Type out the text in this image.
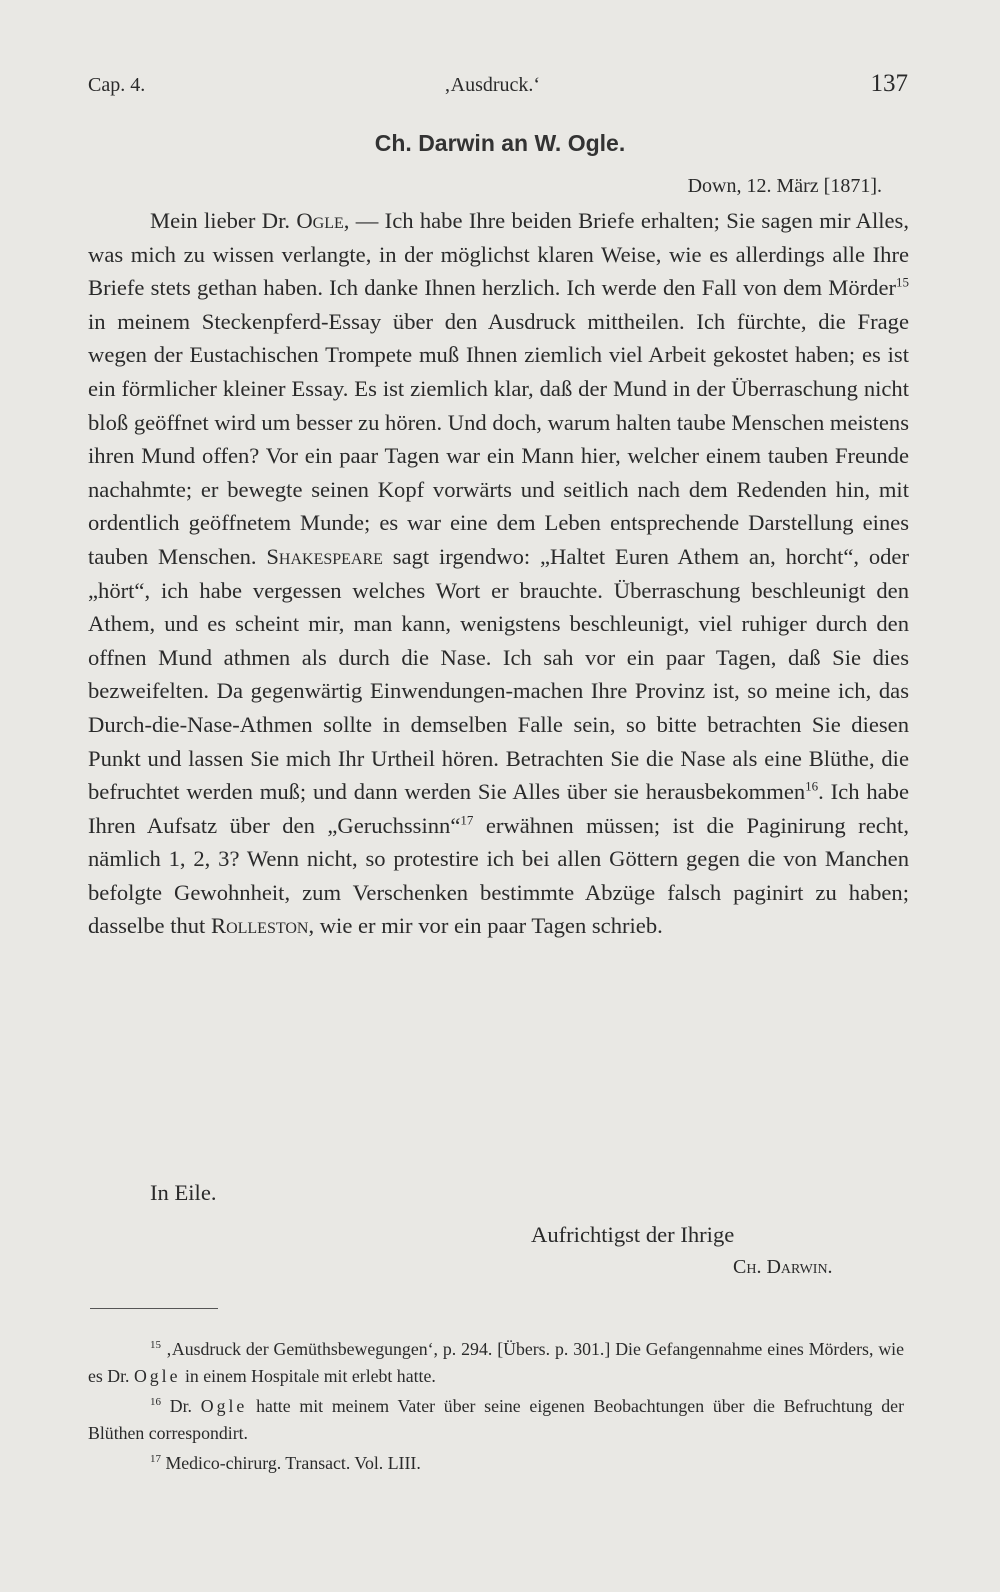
Cap. 4.	‚Ausdruck.‘	137
Ch. Darwin an W. Ogle.
Down, 12. März [1871].

Mein lieber Dr. Ogle, — Ich habe Ihre beiden Briefe erhalten; Sie sagen mir Alles, was mich zu wissen verlangte, in der möglichst klaren Weise, wie es allerdings alle Ihre Briefe stets gethan haben. Ich danke Ihnen herzlich. Ich werde den Fall von dem Mörder$^{15}$ in meinem Steckenpferd-Essay über den Ausdruck mittheilen. Ich fürchte, die Frage wegen der Eustachischen Trompete muß Ihnen ziemlich viel Arbeit gekostet haben; es ist ein förmlicher kleiner Essay. Es ist ziemlich klar, daß der Mund in der Überraschung nicht bloß geöffnet wird um besser zu hören. Und doch, warum halten taube Menschen meistens ihren Mund offen? Vor ein paar Tagen war ein Mann hier, welcher einem tauben Freunde nachahmte; er bewegte seinen Kopf vorwärts und seitlich nach dem Redenden hin, mit ordentlich geöffnetem Munde; es war eine dem Leben entsprechende Darstellung eines tauben Menschen. Shakespeare sagt irgendwo: „Haltet Euren Athem an, horcht“, oder „hört“, ich habe vergessen welches Wort er brauchte. Überraschung beschleunigt den Athem, und es scheint mir, man kann, wenigstens beschleunigt, viel ruhiger durch den offnen Mund athmen als durch die Nase. Ich sah vor ein paar Tagen, daß Sie dies bezweifelten. Da gegenwärtig Einwendungen-machen Ihre Provinz ist, so meine ich, das Durch-die-Nase-Athmen sollte in demselben Falle sein, so bitte betrachten Sie diesen Punkt und lassen Sie mich Ihr Urtheil hören. Betrachten Sie die Nase als eine Blüthe, die befruchtet werden muß; und dann werden Sie Alles über sie herausbekommen$^{16}$. Ich habe Ihren Aufsatz über den „Geruchssinn“$^{17}$ erwähnen müssen; ist die Paginirung recht, nämlich 1, 2, 3? Wenn nicht, so protestire ich bei allen Göttern gegen die von Manchen befolgte Gewohnheit, zum Verschenken bestimmte Abzüge falsch paginirt zu haben; dasselbe thut Rolleston, wie er mir vor ein paar Tagen schrieb.

In Eile.
Aufrichtigst der Ihrige
Ch. Darwin.

$^{15}$ ‚Ausdruck der Gemüthsbewegungen‘, p. 294. [Übers. p. 301.] Die Gefangennahme eines Mörders, wie es Dr. Ogle in einem Hospitale mit erlebt hatte.

$^{16}$ Dr. Ogle hatte mit meinem Vater über seine eigenen Beobachtungen über die Befruchtung der Blüthen correspondirt.

$^{17}$ Medico-chirurg. Transact. Vol. LIII.
